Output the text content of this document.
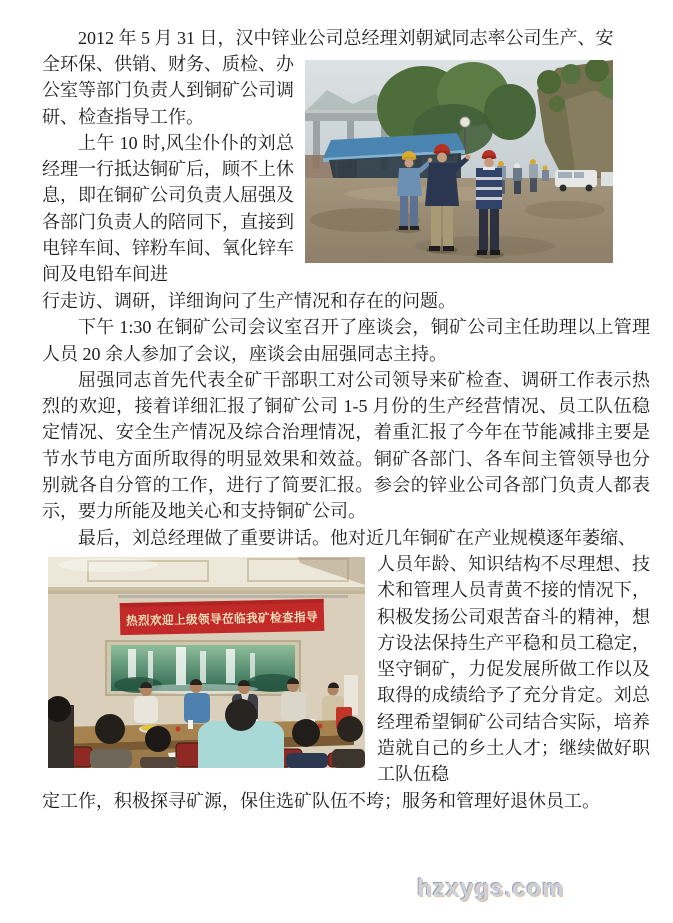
2012 年 5 月 31 日，汉中锌业公司总经理刘朝斌同志率公司生产、安

全环保、供销、财务、质检、办公室等部门负责人到铜矿公司调研、检查指导工作。

上午 10 时,风尘仆仆的刘总经理一行抵达铜矿后，顾不上休息，即在铜矿公司负责人屈强及各部门负责人的陪同下，直接到电锌车间、锌粉车间、氧化锌车间及电铅车间进

行走访、调研，详细询问了生产情况和存在的问题。

下午 1:30 在铜矿公司会议室召开了座谈会，铜矿公司主任助理以上管理人员 20 余人参加了会议，座谈会由屈强同志主持。

屈强同志首先代表全矿干部职工对公司领导来矿检查、调研工作表示热烈的欢迎，接着详细汇报了铜矿公司 1-5 月份的生产经营情况、员工队伍稳定情况、安全生产情况及综合治理情况，着重汇报了今年在节能减排主要是节水节电方面所取得的明显效果和效益。铜矿各部门、各车间主管领导也分别就各自分管的工作，进行了简要汇报。参会的锌业公司各部门负责人都表示，要力所能及地关心和支持铜矿公司。

最后，刘总经理做了重要讲话。他对近几年铜矿在产业规模逐年萎缩、

热烈欢迎上级领导莅临我矿检查指导

人员年龄、知识结构不尽理想、技术和管理人员青黄不接的情况下，积极发扬公司艰苦奋斗的精神，想方设法保持生产平稳和员工稳定，坚守铜矿，力促发展所做工作以及取得的成绩给予了充分肯定。刘总经理希望铜矿公司结合实际，培养造就自己的乡土人才；继续做好职工队伍稳

定工作，积极探寻矿源，保住选矿队伍不垮；服务和管理好退休员工。

hzxygs.com
